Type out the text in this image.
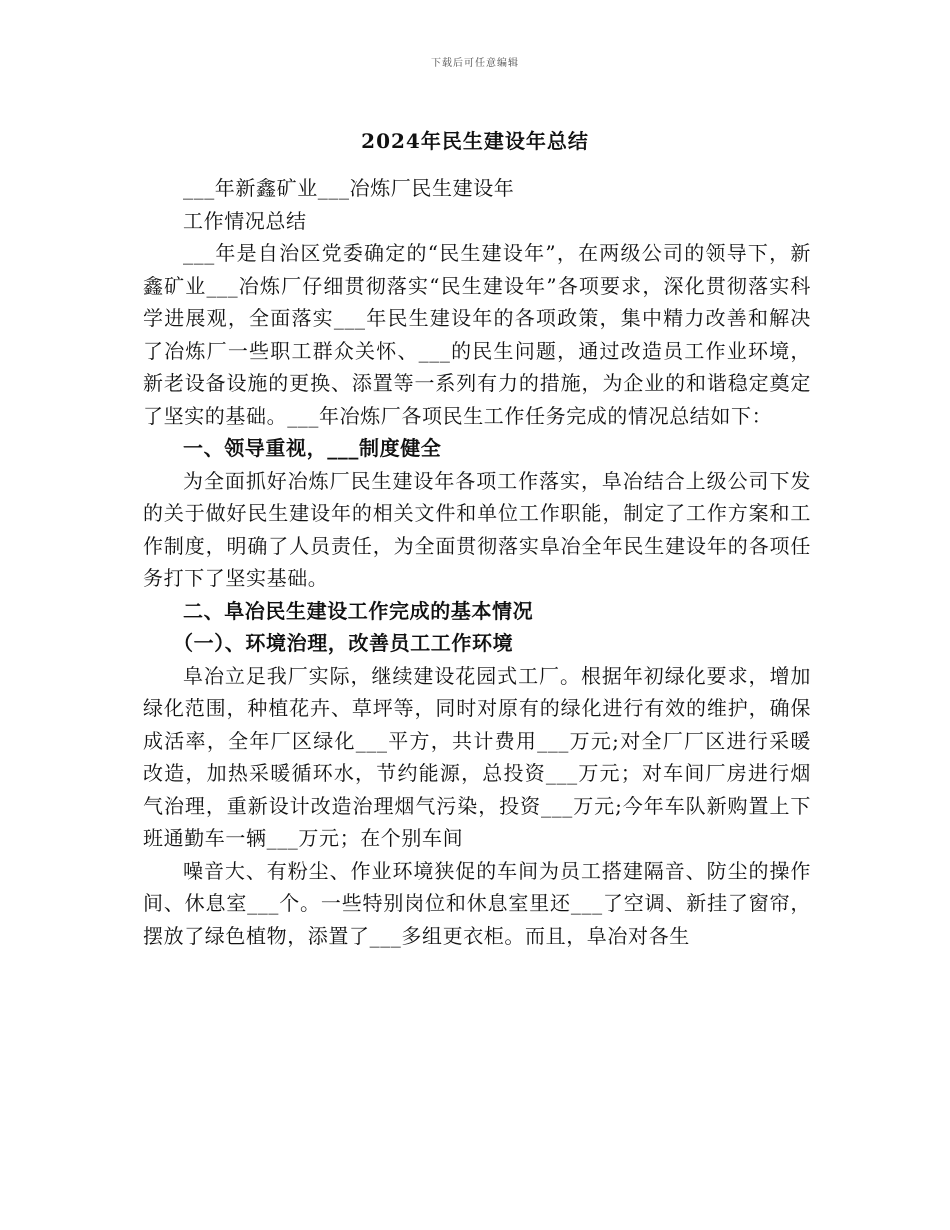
下载后可任意编辑
2024年民生建设年总结

___年新鑫矿业___冶炼厂民生建设年

工作情况总结

___年是自治区党委确定的“民生建设年”，在两级公司的领导下，新鑫矿业___冶炼厂仔细贯彻落实“民生建设年”各项要求，深化贯彻落实科学进展观，全面落实___年民生建设年的各项政策，集中精力改善和解决了冶炼厂一些职工群众关怀、___的民生问题，通过改造员工作业环境，新老设备设施的更换、添置等一系列有力的措施，为企业的和谐稳定奠定了坚实的基础。___年冶炼厂各项民生工作任务完成的情况总结如下：

一、领导重视，___制度健全

为全面抓好冶炼厂民生建设年各项工作落实，阜冶结合上级公司下发的关于做好民生建设年的相关文件和单位工作职能，制定了工作方案和工作制度，明确了人员责任，为全面贯彻落实阜冶全年民生建设年的各项任务打下了坚实基础。

二、阜冶民生建设工作完成的基本情况

（一）、环境治理，改善员工工作环境

阜冶立足我厂实际，继续建设花园式工厂。根据年初绿化要求，增加绿化范围，种植花卉、草坪等，同时对原有的绿化进行有效的维护，确保成活率，全年厂区绿化___平方，共计费用___万元;对全厂厂区进行采暖改造，加热采暖循环水，节约能源，总投资___万元；对车间厂房进行烟气治理，重新设计改造治理烟气污染，投资___万元;今年车队新购置上下班通勤车一辆___万元；在个别车间

噪音大、有粉尘、作业环境狭促的车间为员工搭建隔音、防尘的操作间、休息室___个。一些特别岗位和休息室里还___了空调、新挂了窗帘，摆放了绿色植物，添置了___多组更衣柜。而且，阜冶对各生
